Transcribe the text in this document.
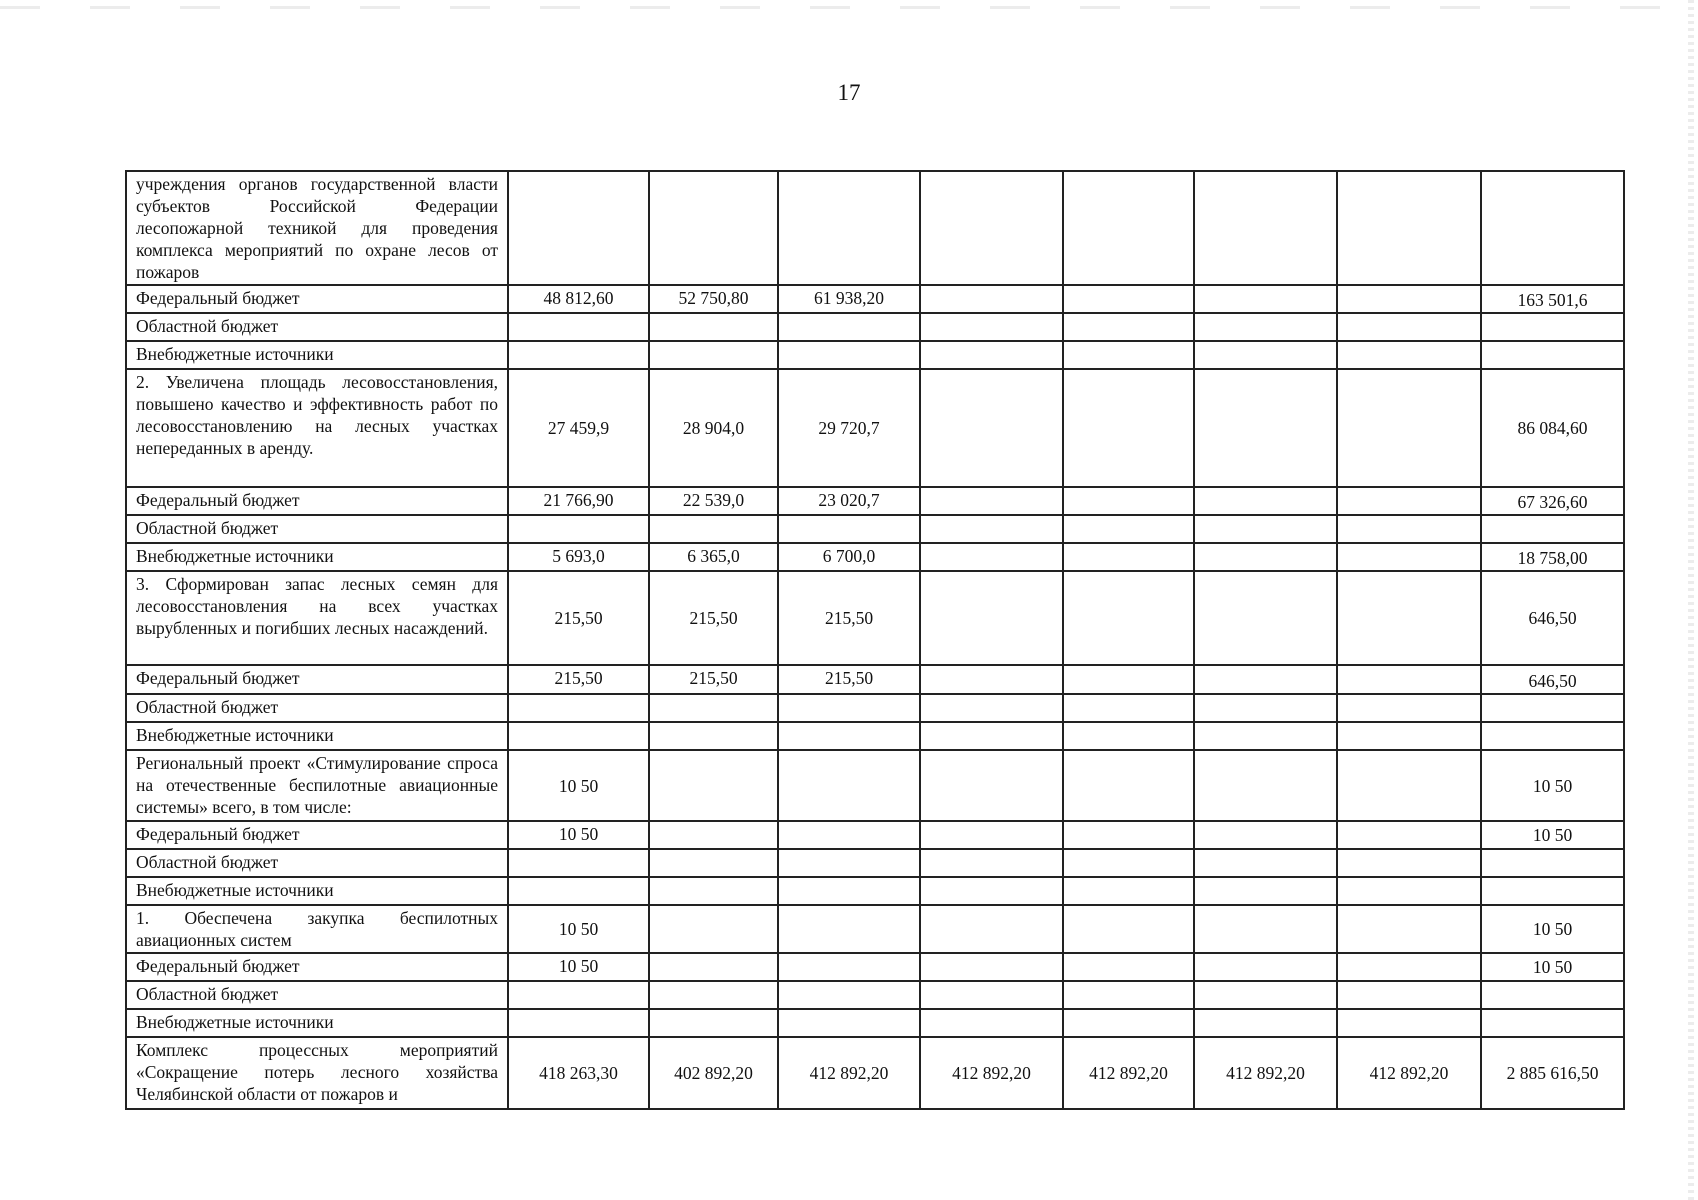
17
учреждения органов государственной власти субъектов Российской Федерации лесопожарной техникой для проведения комплекса мероприятий по охране лесов от пожаров								
Федеральный бюджет	48 812,60	52 750,80	61 938,20					163 501,6
Областной бюджет								
Внебюджетные источники								
2. Увеличена площадь лесовосстановления, повышено качество и эффективность работ по лесовосстановлению на лесных участках непереданных в аренду.	27 459,9	28 904,0	29 720,7					86 084,60
Федеральный бюджет	21 766,90	22 539,0	23 020,7					67 326,60
Областной бюджет								
Внебюджетные источники	5 693,0	6 365,0	6 700,0					18 758,00
3. Сформирован запас лесных семян для лесовосстановления на всех участках вырубленных и погибших лесных насаждений.	215,50	215,50	215,50					646,50
Федеральный бюджет	215,50	215,50	215,50					646,50
Областной бюджет								
Внебюджетные источники								
Региональный проект «Стимулирование спроса на отечественные беспилотные авиационные системы» всего, в том числе:	10 50							10 50
Федеральный бюджет	10 50							10 50
Областной бюджет								
Внебюджетные источники								
1. Обеспечена закупка беспилотных авиационных систем	10 50							10 50
Федеральный бюджет	10 50							10 50
Областной бюджет								
Внебюджетные источники								
Комплекс процессных мероприятий «Сокращение потерь лесного хозяйства Челябинской области от пожаров и	418 263,30	402 892,20	412 892,20	412 892,20	412 892,20	412 892,20	412 892,20	2 885 616,50
